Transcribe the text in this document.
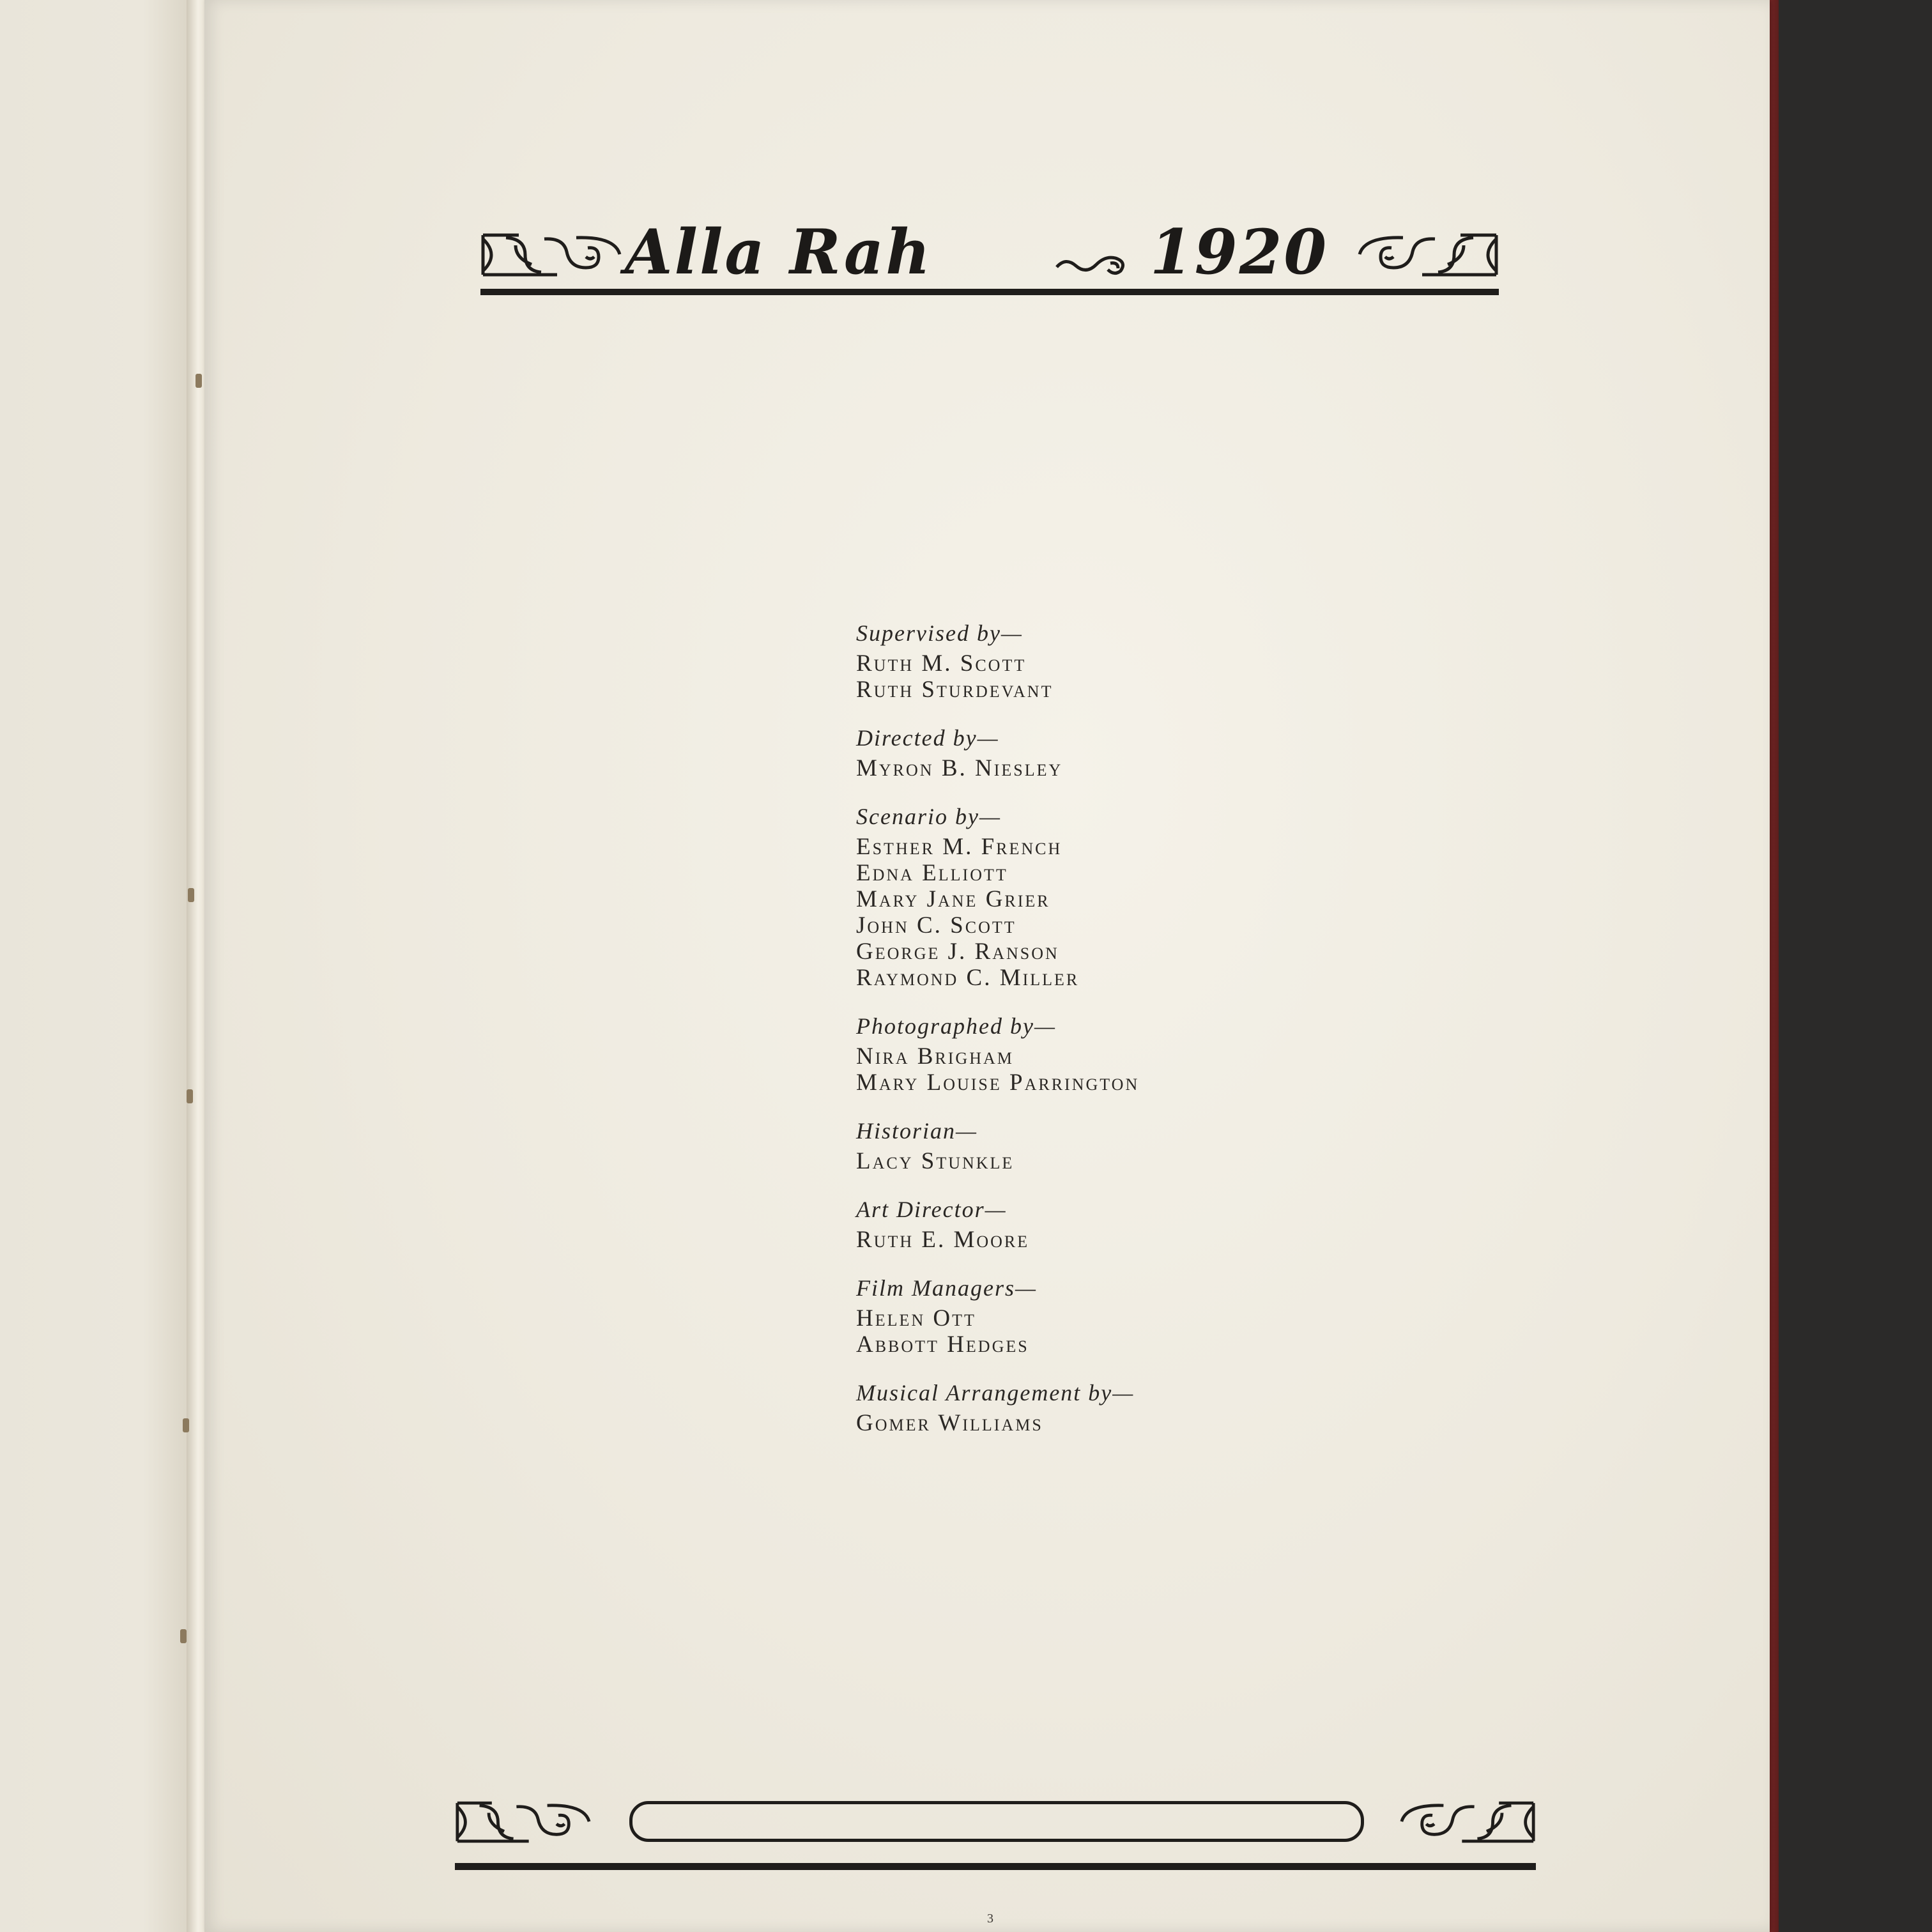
Alla Rah	1920
Supervised by—
Ruth M. Scott
Ruth Sturdevant
Directed by—
Myron B. Niesley
Scenario by—
Esther M. French
Edna Elliott
Mary Jane Grier
John C. Scott
George J. Ranson
Raymond C. Miller
Photographed by—
Nira Brigham
Mary Louise Parrington
Historian—
Lacy Stunkle
Art Director—
Ruth E. Moore
Film Managers—
Helen Ott
Abbott Hedges
Musical Arrangement by—
Gomer Williams
3
